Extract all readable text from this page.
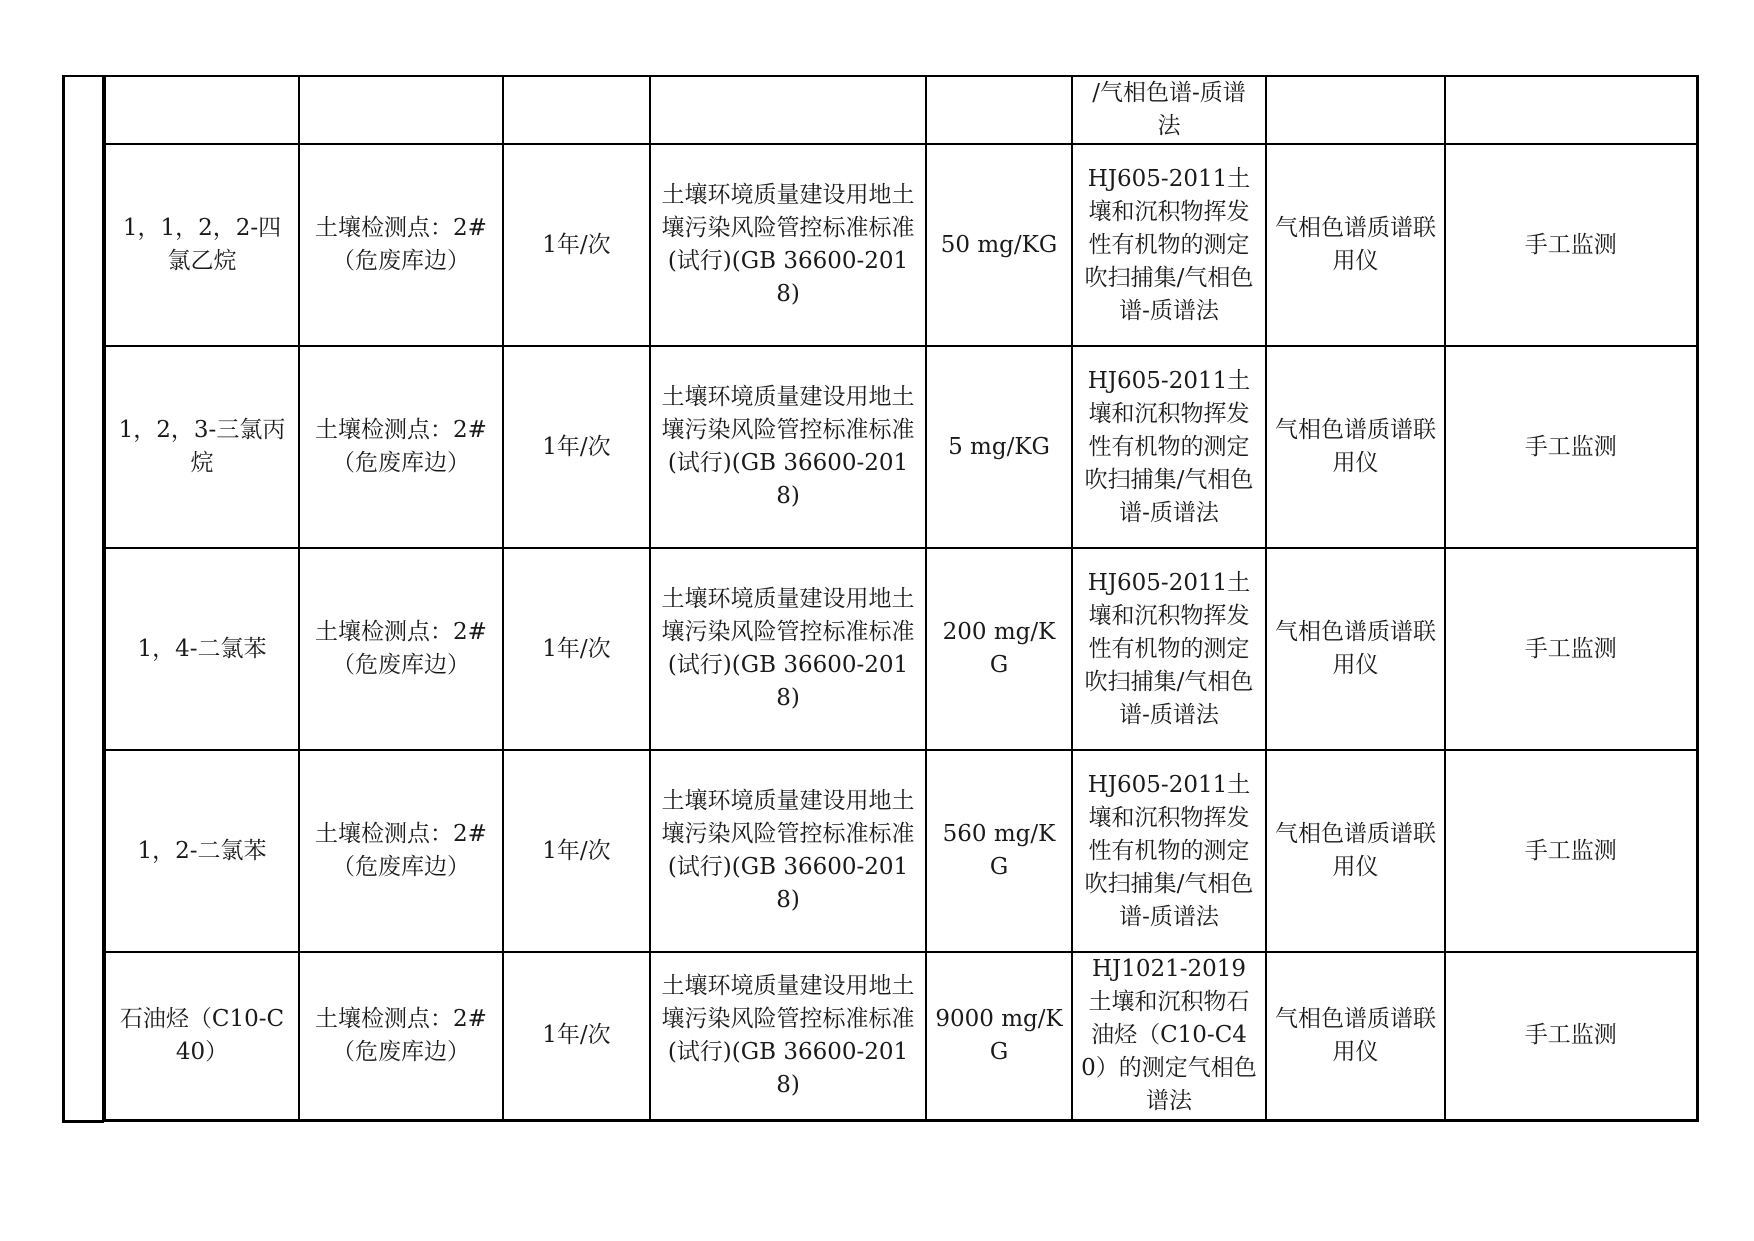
					/气相色谱-质谱法		
1，1，2，2-四氯乙烷	土壤检测点：2#（危废库边）	1年/次	土壤环境质量建设用地土壤污染风险管控标准标准(试行)(GB 36600-2018)	50 mg/KG	HJ605-2011土壤和沉积物挥发性有机物的测定吹扫捕集/气相色谱-质谱法	气相色谱质谱联用仪	手工监测
1，2，3-三氯丙烷	土壤检测点：2#（危废库边）	1年/次	土壤环境质量建设用地土壤污染风险管控标准标准(试行)(GB 36600-2018)	5 mg/KG	HJ605-2011土壤和沉积物挥发性有机物的测定吹扫捕集/气相色谱-质谱法	气相色谱质谱联用仪	手工监测
1，4-二氯苯	土壤检测点：2#（危废库边）	1年/次	土壤环境质量建设用地土壤污染风险管控标准标准(试行)(GB 36600-2018)	200 mg/KG	HJ605-2011土壤和沉积物挥发性有机物的测定吹扫捕集/气相色谱-质谱法	气相色谱质谱联用仪	手工监测
1，2-二氯苯	土壤检测点：2#（危废库边）	1年/次	土壤环境质量建设用地土壤污染风险管控标准标准(试行)(GB 36600-2018)	560 mg/KG	HJ605-2011土壤和沉积物挥发性有机物的测定吹扫捕集/气相色谱-质谱法	气相色谱质谱联用仪	手工监测
石油烃（C10-C40）	土壤检测点：2#（危废库边）	1年/次	土壤环境质量建设用地土壤污染风险管控标准标准(试行)(GB 36600-2018)	9000 mg/KG	HJ1021-2019土壤和沉积物石油烃（C10-C40）的测定气相色谱法	气相色谱质谱联用仪	手工监测
